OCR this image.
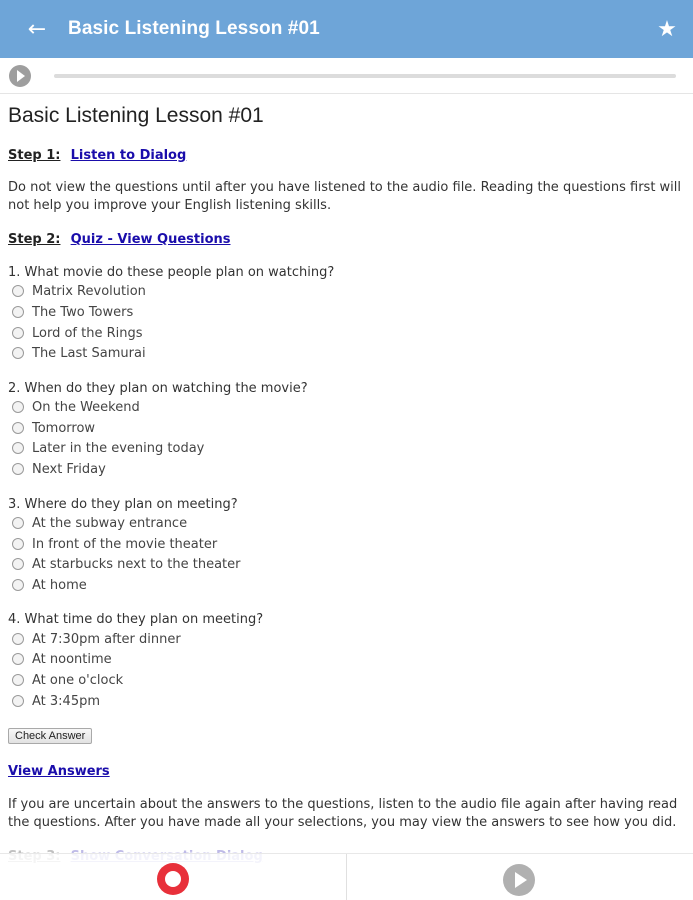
←	Basic Listening Lesson #01	★
Basic Listening Lesson #01
Step 1: Listen to Dialog

Do not view the questions until after you have listened to the audio file. Reading the questions first will not help you improve your English listening skills.

Step 2: Quiz - View Questions
1. What movie do these people plan on watching?
Matrix Revolution
The Two Towers
Lord of the Rings
The Last Samurai
2. When do they plan on watching the movie?
On the Weekend
Tomorrow
Later in the evening today
Next Friday
3. Where do they plan on meeting?
At the subway entrance
In front of the movie theater
At starbucks next to the theater
At home
4. What time do they plan on meeting?
At 7:30pm after dinner
At noontime
At one o'clock
At 3:45pm
Check Answer
View Answers

If you are uncertain about the answers to the questions, listen to the audio file again after having read the questions. After you have made all your selections, you may view the answers to see how you did.
